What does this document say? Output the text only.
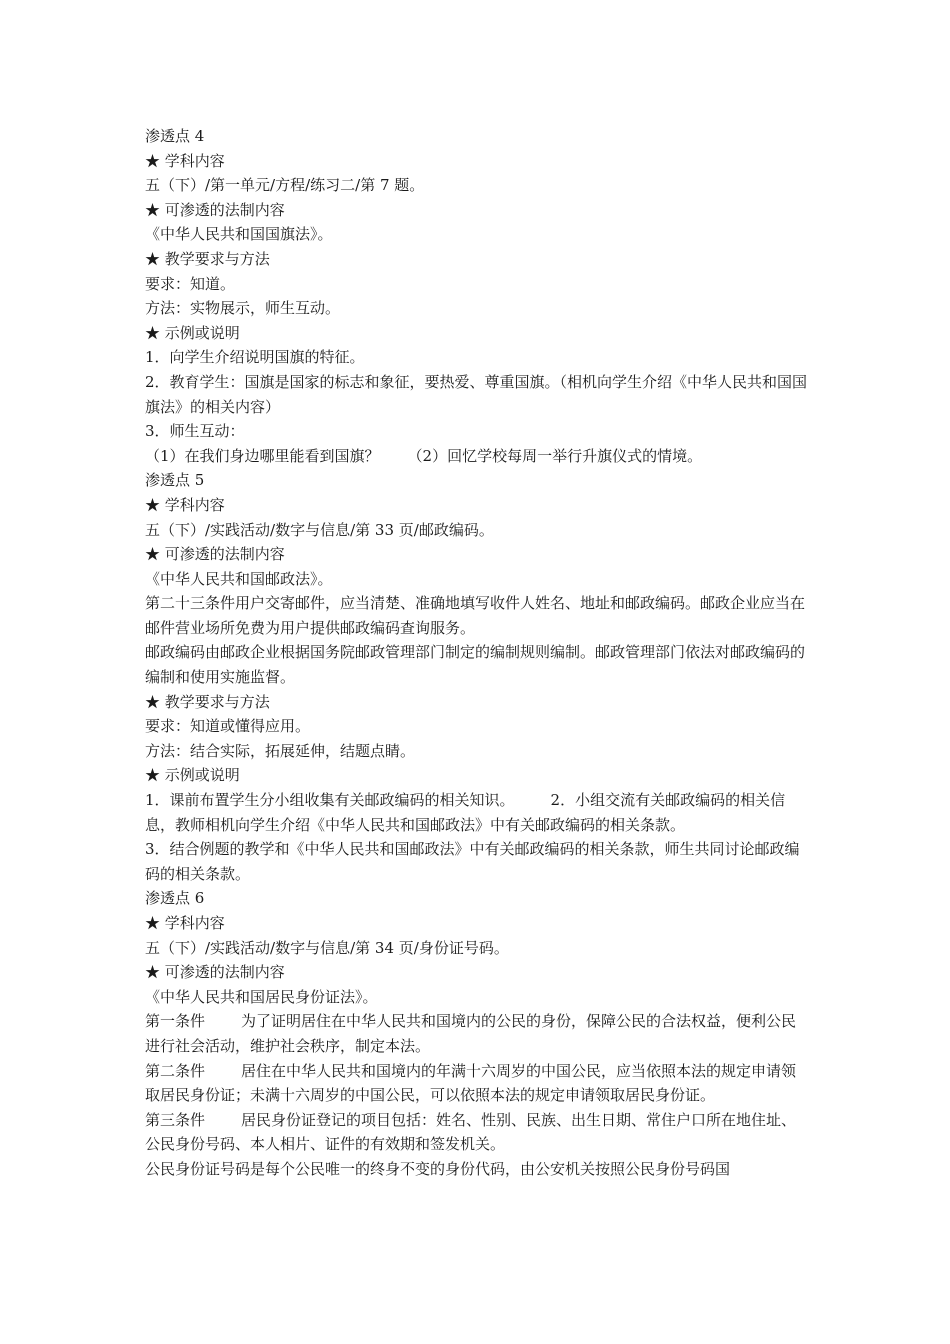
渗透点 4

★ 学科内容

五（下）/第一单元/方程/练习二/第 7 题。

★ 可渗透的法制内容

《中华人民共和国国旗法》。

★ 教学要求与方法

要求：知道。

方法：实物展示，师生互动。

★ 示例或说明

1．向学生介绍说明国旗的特征。

2．教育学生：国旗是国家的标志和象征，要热爱、尊重国旗。（相机向学生介绍《中华人民共和国国旗法》的相关内容）

3．师生互动：

（1）在我们身边哪里能看到国旗？ （2）回忆学校每周一举行升旗仪式的情境。

渗透点 5

★ 学科内容

五（下）/实践活动/数字与信息/第 33 页/邮政编码。

★ 可渗透的法制内容

《中华人民共和国邮政法》。

第二十三条件用户交寄邮件，应当清楚、准确地填写收件人姓名、地址和邮政编码。邮政企业应当在邮件营业场所免费为用户提供邮政编码查询服务。

邮政编码由邮政企业根据国务院邮政管理部门制定的编制规则编制。邮政管理部门依法对邮政编码的编制和使用实施监督。

★ 教学要求与方法

要求：知道或懂得应用。

方法：结合实际，拓展延伸，结题点睛。

★ 示例或说明

1．课前布置学生分小组收集有关邮政编码的相关知识。 2．小组交流有关邮政编码的相关信息，教师相机向学生介绍《中华人民共和国邮政法》中有关邮政编码的相关条款。

3．结合例题的教学和《中华人民共和国邮政法》中有关邮政编码的相关条款，师生共同讨论邮政编码的相关条款。

渗透点 6

★ 学科内容

五（下）/实践活动/数字与信息/第 34 页/身份证号码。

★ 可渗透的法制内容

《中华人民共和国居民身份证法》。

第一条件 为了证明居住在中华人民共和国境内的公民的身份，保障公民的合法权益，便利公民进行社会活动，维护社会秩序，制定本法。

第二条件 居住在中华人民共和国境内的年满十六周岁的中国公民，应当依照本法的规定申请领取居民身份证；未满十六周岁的中国公民，可以依照本法的规定申请领取居民身份证。

第三条件 居民身份证登记的项目包括：姓名、性别、民族、出生日期、常住户口所在地住址、公民身份号码、本人相片、证件的有效期和签发机关。

公民身份证号码是每个公民唯一的终身不变的身份代码，由公安机关按照公民身份号码国
